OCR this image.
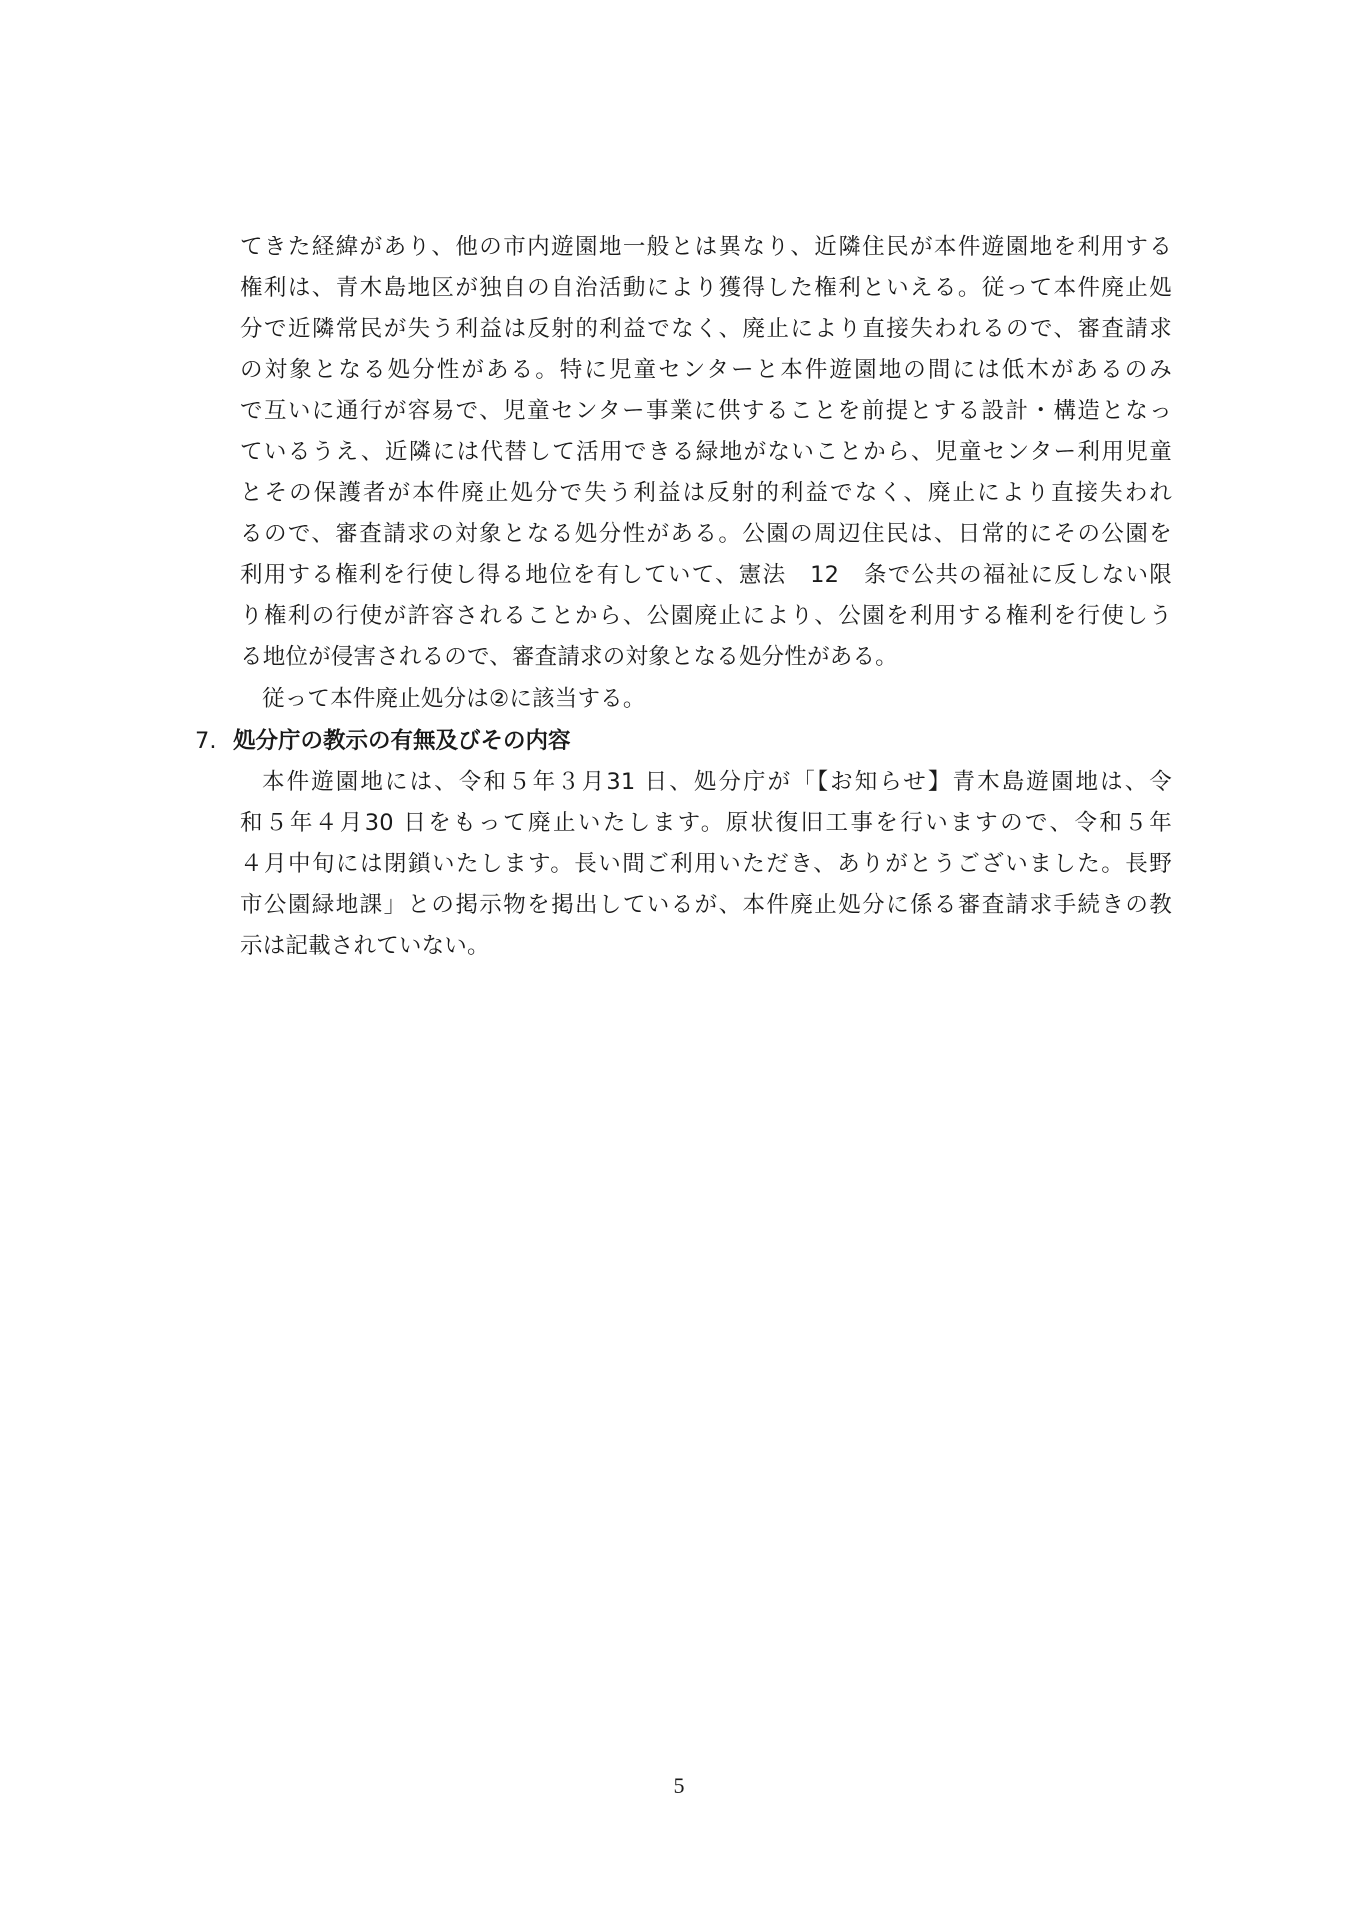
てきた経緯があり、他の市内遊園地一般とは異なり、近隣住民が本件遊園地を利用する
権利は、青木島地区が独自の自治活動により獲得した権利といえる。従って本件廃止処
分で近隣常民が失う利益は反射的利益でなく、廃止により直接失われるので、審査請求
の対象となる処分性がある。特に児童センターと本件遊園地の間には低木があるのみ
で互いに通行が容易で、児童センター事業に供することを前提とする設計・構造となっ
ているうえ、近隣には代替して活用できる緑地がないことから、児童センター利用児童
とその保護者が本件廃止処分で失う利益は反射的利益でなく、廃止により直接失われ
るので、審査請求の対象となる処分性がある。公園の周辺住民は、日常的にその公園を
利用する権利を行使し得る地位を有していて、憲法　12　条で公共の福祉に反しない限
り権利の行使が許容されることから、公園廃止により、公園を利用する権利を行使しう
る地位が侵害されるので、審査請求の対象となる処分性がある。
従って本件廃止処分は②に該当する。
7. 処分庁の教示の有無及びその内容
本件遊園地には、令和５年３月31 日、処分庁が「【お知らせ】青木島遊園地は、令
和５年４月30 日をもって廃止いたします。原状復旧工事を行いますので、令和５年
４月中旬には閉鎖いたします。長い間ご利用いただき、ありがとうございました。長野
市公園緑地課」との掲示物を掲出しているが、本件廃止処分に係る審査請求手続きの教
示は記載されていない。
5
